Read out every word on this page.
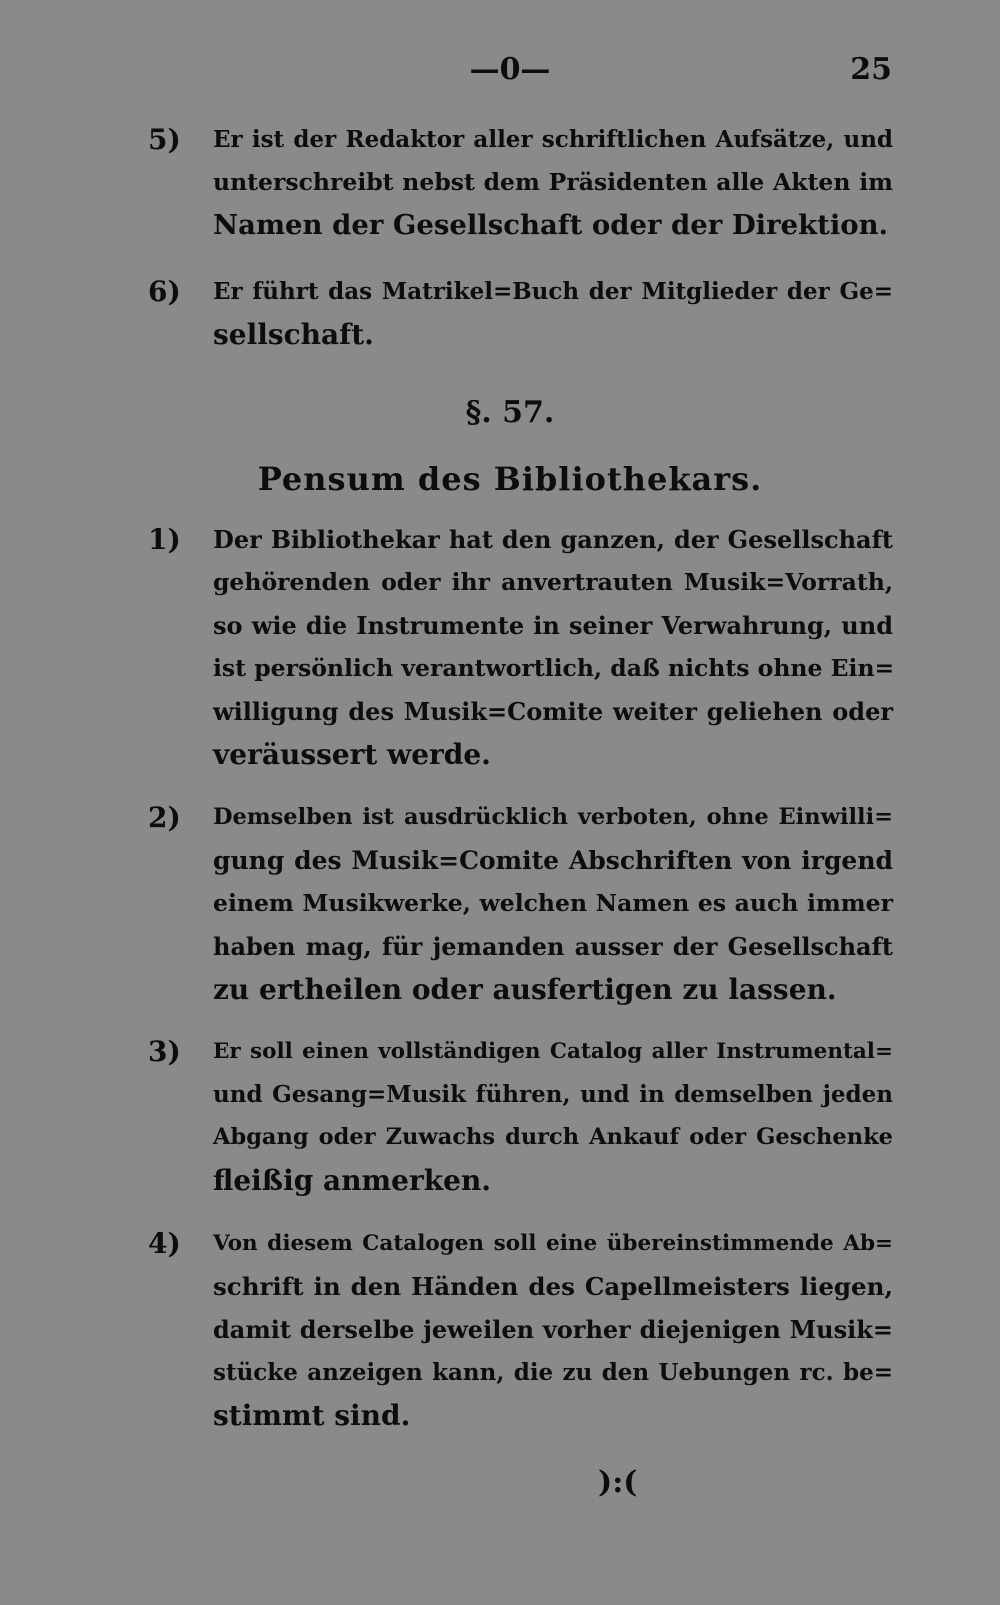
—0—	25
5)	Er ist der Redaktor aller schriftlichen Aufsätze, und
unterschreibt nebst dem Präsidenten alle Akten im
Namen der Gesellschaft oder der Direktion.
6)	Er führt das Matrikel=Buch der Mitglieder der Ge=
sellschaft.
§. 57.
Pensum des Bibliothekars.
1)	Der Bibliothekar hat den ganzen, der Gesellschaft
gehörenden oder ihr anvertrauten Musik=Vorrath,
so wie die Instrumente in seiner Verwahrung, und
ist persönlich verantwortlich, daß nichts ohne Ein=
willigung des Musik=Comite weiter geliehen oder
veräussert werde.
2)	Demselben ist ausdrücklich verboten, ohne Einwilli=
gung des Musik=Comite Abschriften von irgend
einem Musikwerke, welchen Namen es auch immer
haben mag, für jemanden ausser der Gesellschaft
zu ertheilen oder ausfertigen zu lassen.
3)	Er soll einen vollständigen Catalog aller Instrumental=
und Gesang=Musik führen, und in demselben jeden
Abgang oder Zuwachs durch Ankauf oder Geschenke
fleißig anmerken.
4)	Von diesem Catalogen soll eine übereinstimmende Ab=
schrift in den Händen des Capellmeisters liegen,
damit derselbe jeweilen vorher diejenigen Musik=
stücke anzeigen kann, die zu den Uebungen rc. be=
stimmt sind.
):(
